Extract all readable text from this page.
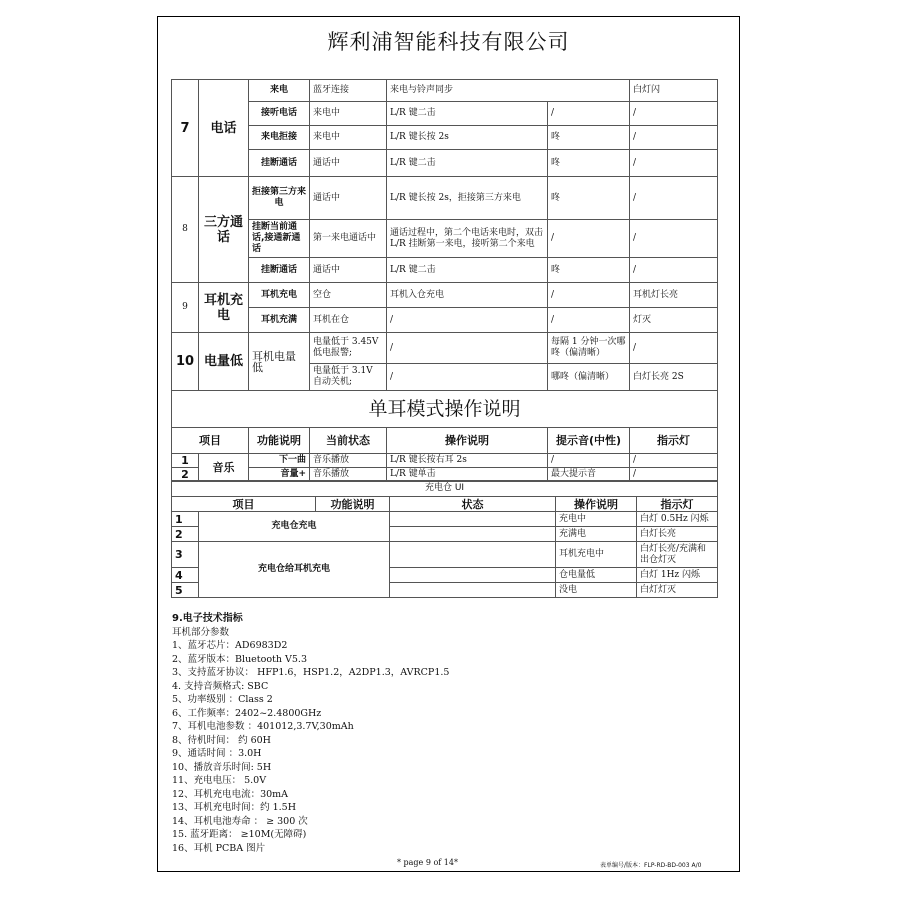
辉利浦智能科技有限公司
7	电话	来电	蓝牙连接	来电与铃声同步		白灯闪
		接听电话	来电中	L/R 键二击	/	/
		来电拒接	来电中	L/R 键长按 2s	咚	/
		挂断通话	通话中	L/R 键二击	咚	/
8	三方通话	拒接第三方来电	通话中	L/R 键长按 2s，拒接第三方来电	咚	/
		挂断当前通话,接通新通话	第一来电通话中	通话过程中，第二个电话来电时，双击 L/R 挂断第一来电，接听第二个来电	/	/
		挂断通话	通话中	L/R 键二击	咚	/
9	耳机充电	耳机充电	空仓	耳机入仓充电	/	耳机灯长亮
		耳机充满	耳机在仓	/	/	灯灭
10	电量低	耳机电量低	电量低于 3.45V 低电报警;	/	每隔 1 分钟一次哪咚（偏清晰）	/
			电量低于 3.1V 自动关机;	/	哪咚（偏清晰）	白灯长亮 2S
单耳模式操作说明						
项目		功能说明	当前状态	操作说明	提示音(中性)	指示灯
1	音乐	下一曲	音乐播放	L/R 键长按右耳 2s	/	/
2		音量+	音乐播放	L/R 键单击	最大提示音	/
充电仓 UI					
项目		功能说明	状态	操作说明	指示灯
1	充电仓充电			充电中	白灯 0.5Hz 闪烁
2				充满电	白灯长亮
3	充电仓给耳机充电			耳机充电中	白灯长亮/充满和出仓灯灭
4				仓电量低	白灯 1Hz 闪烁
5				没电	白灯灯灭
9.电子技术指标
耳机部分参数
1、蓝牙芯片：AD6983D2
2、蓝牙版本：Bluetooth V5.3
3、支持蓝牙协议： HFP1.6，HSP1.2，A2DP1.3，AVRCP1.5
4. 支持音频格式: SBC
5、功率级别 ：Class 2
6、工作频率：2402~2.4800GHz
7、耳机电池参数 ：401012,3.7V,30mAh
8、待机时间： 约 60H
9、通话时间 ：3.0H
10、播放音乐时间: 5H
11、充电电压： 5.0V
12、耳机充电电流：30mA
13、耳机充电时间：约 1.5H
14、耳机电池寿命 ： ≥ 300 次
15. 蓝牙距离： ≥10M(无障碍)
16、耳机 PCBA 图片
* page 9 of 14*	表单编号/版本：FLP-RD-BD-003 A/0
